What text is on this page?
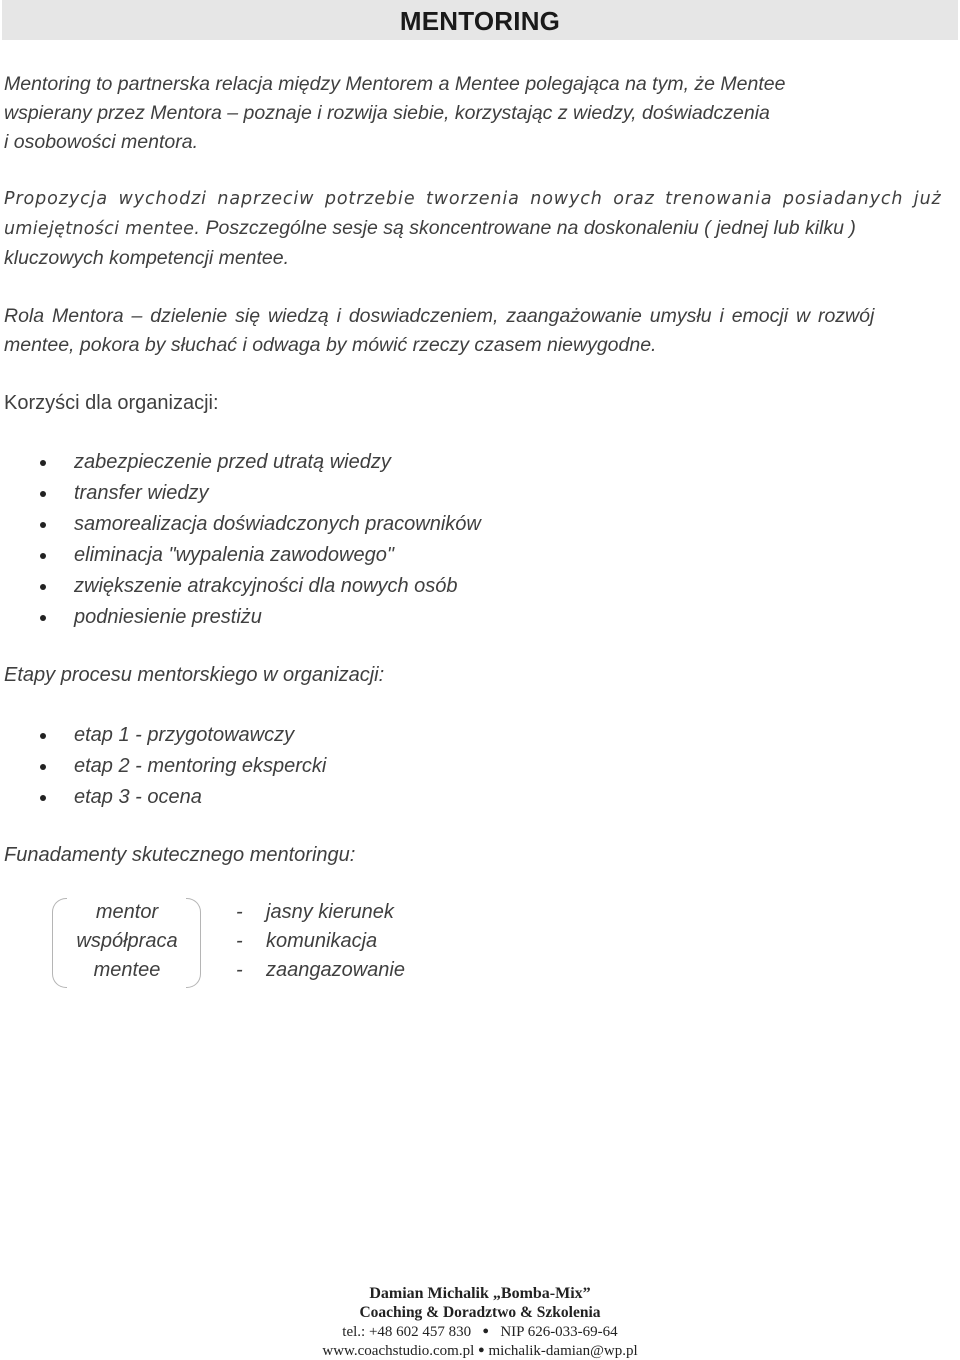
MENTORING

Mentoring to partnerska relacja między Mentorem a Mentee polegająca na tym, że Mentee
wspierany przez Mentora – poznaje i rozwija siebie, korzystając z wiedzy, doświadczenia
i osobowości mentora.

Propozycja wychodzi naprzeciw potrzebie tworzenia nowych oraz trenowania posiadanych już
umiejętności mentee. Poszczególne sesje są skoncentrowane na doskonaleniu ( jednej lub kilku )
kluczowych kompetencji mentee.

Rola Mentora – dzielenie się wiedzą i doswiadczeniem, zaangażowanie umysłu i emocji w rozwój
mentee, pokora by słuchać i odwaga by mówić rzeczy czasem niewygodne.

Korzyści dla organizacji:

zabezpieczenie przed utratą wiedzy
transfer wiedzy
samorealizacja doświadczonych pracowników
eliminacja "wypalenia zawodowego"
zwiększenie atrakcyjności dla nowych osób
podniesienie prestiżu

Etapy procesu mentorskiego w organizacji:

etap 1 - przygotowawczy
etap 2 - mentoring ekspercki
etap 3 - ocena

Funadamenty skutecznego mentoringu:

mentor
współpraca
mentee
-
-
-
jasny kierunek
komunikacja
zaangazowanie
Damian Michalik „Bomba-Mix”
Coaching & Doradztwo & Szkolenia
tel.: +48 602 457 830 ● NIP 626-033-69-64
www.coachstudio.com.pl ● michalik-damian@wp.pl
